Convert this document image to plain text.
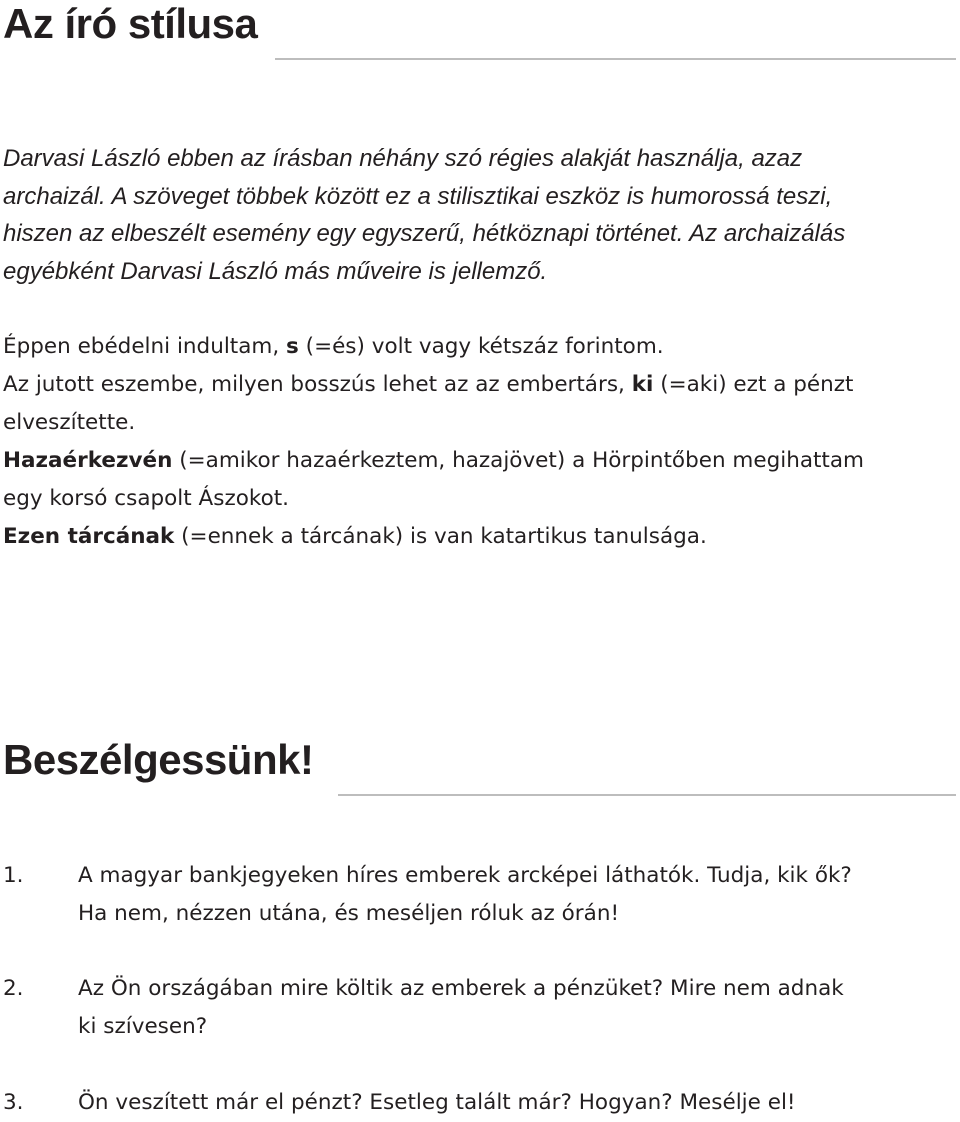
Az író stílusa

Darvasi László ebben az írásban néhány szó régies alakját használja, azaz

archaizál. A szöveget többek között ez a stilisztikai eszköz is humorossá teszi,

hiszen az elbeszélt esemény egy egyszerű, hétköznapi történet. Az archaizálás

egyébként Darvasi László más műveire is jellemző.

Éppen ebédelni indultam, s (=és) volt vagy kétszáz forintom.

Az jutott eszembe, milyen bosszús lehet az az embertárs, ki (=aki) ezt a pénzt

elveszítette.

Hazaérkezvén (=amikor hazaérkeztem, hazajövet) a Hörpintőben megihattam

egy korsó csapolt Ászokot.

Ezen tárcának (=ennek a tárcának) is van katartikus tanulsága.

Beszélgessünk!

1.	A magyar bankjegyeken híres emberek arcképei láthatók. Tudja, kik ők?

Ha nem, nézzen utána, és meséljen róluk az órán!

2.	Az Ön országában mire költik az emberek a pénzüket? Mire nem adnak

ki szívesen?

3.	Ön veszített már el pénzt? Esetleg talált már? Hogyan? Mesélje el!
